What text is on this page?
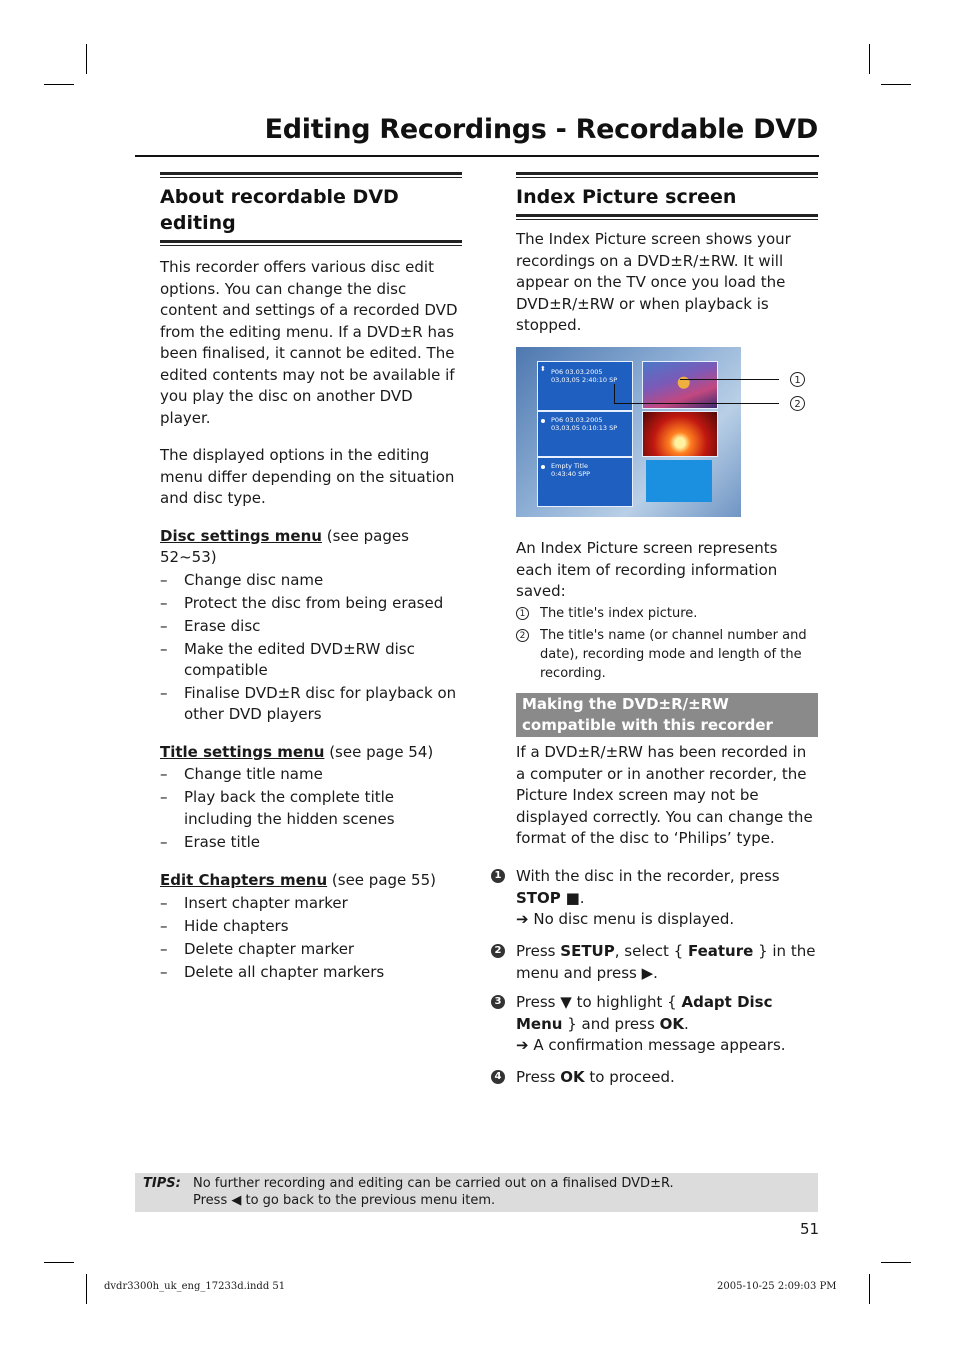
Editing Recordings - Recordable DVD
About recordable DVD
editing

This recorder offers various disc edit options. You can change the disc content and settings of a recorded DVD from the editing menu. If a DVD±R has been finalised, it cannot be edited. The edited contents may not be available if you play the disc on another DVD player.

The displayed options in the editing menu differ depending on the situation and disc type.

Disc settings menu (see pages 52~53)
– Change disc name
– Protect the disc from being erased
– Erase disc
– Make the edited DVD±RW disc compatible
– Finalise DVD±R disc for playback on other DVD players
Title settings menu (see page 54)
– Change title name
– Play back the complete title including the hidden scenes
– Erase title
Edit Chapters menu (see page 55)
– Insert chapter marker
– Hide chapters
– Delete chapter marker
– Delete all chapter markers
Index Picture screen

The Index Picture screen shows your recordings on a DVD±R/±RW. It will appear on the TV once you load the DVD±R/±RW or when playback is stopped.

⬍ P06 03.03.2005
03,03,05 2:40:10 SP
P06 03.03.2005
03,03,05 0:10:13 SP
Empty Title
0:43:40 SPP
1
2

An Index Picture screen represents each item of recording information saved:

1 The title's index picture.
2 The title's name (or channel number and date), recording mode and length of the recording.
Making the DVD±R/±RW
compatible with this recorder

If a DVD±R/±RW has been recorded in a computer or in another recorder, the Picture Index screen may not be displayed correctly. You can change the format of the disc to ‘Philips’ type.

1 With the disc in the recorder, press
STOP ■.
➔ No disc menu is displayed.
2 Press SETUP, select { Feature } in the
menu and press ▶.
3 Press ▼ to highlight { Adapt Disc
Menu } and press OK.
➔ A confirmation message appears.
4 Press OK to proceed.
TIPS: No further recording and editing can be carried out on a finalised DVD±R.
Press ◀ to go back to the previous menu item.
51
dvdr3300h_uk_eng_17233d.indd 51	2005-10-25 2:09:03 PM
